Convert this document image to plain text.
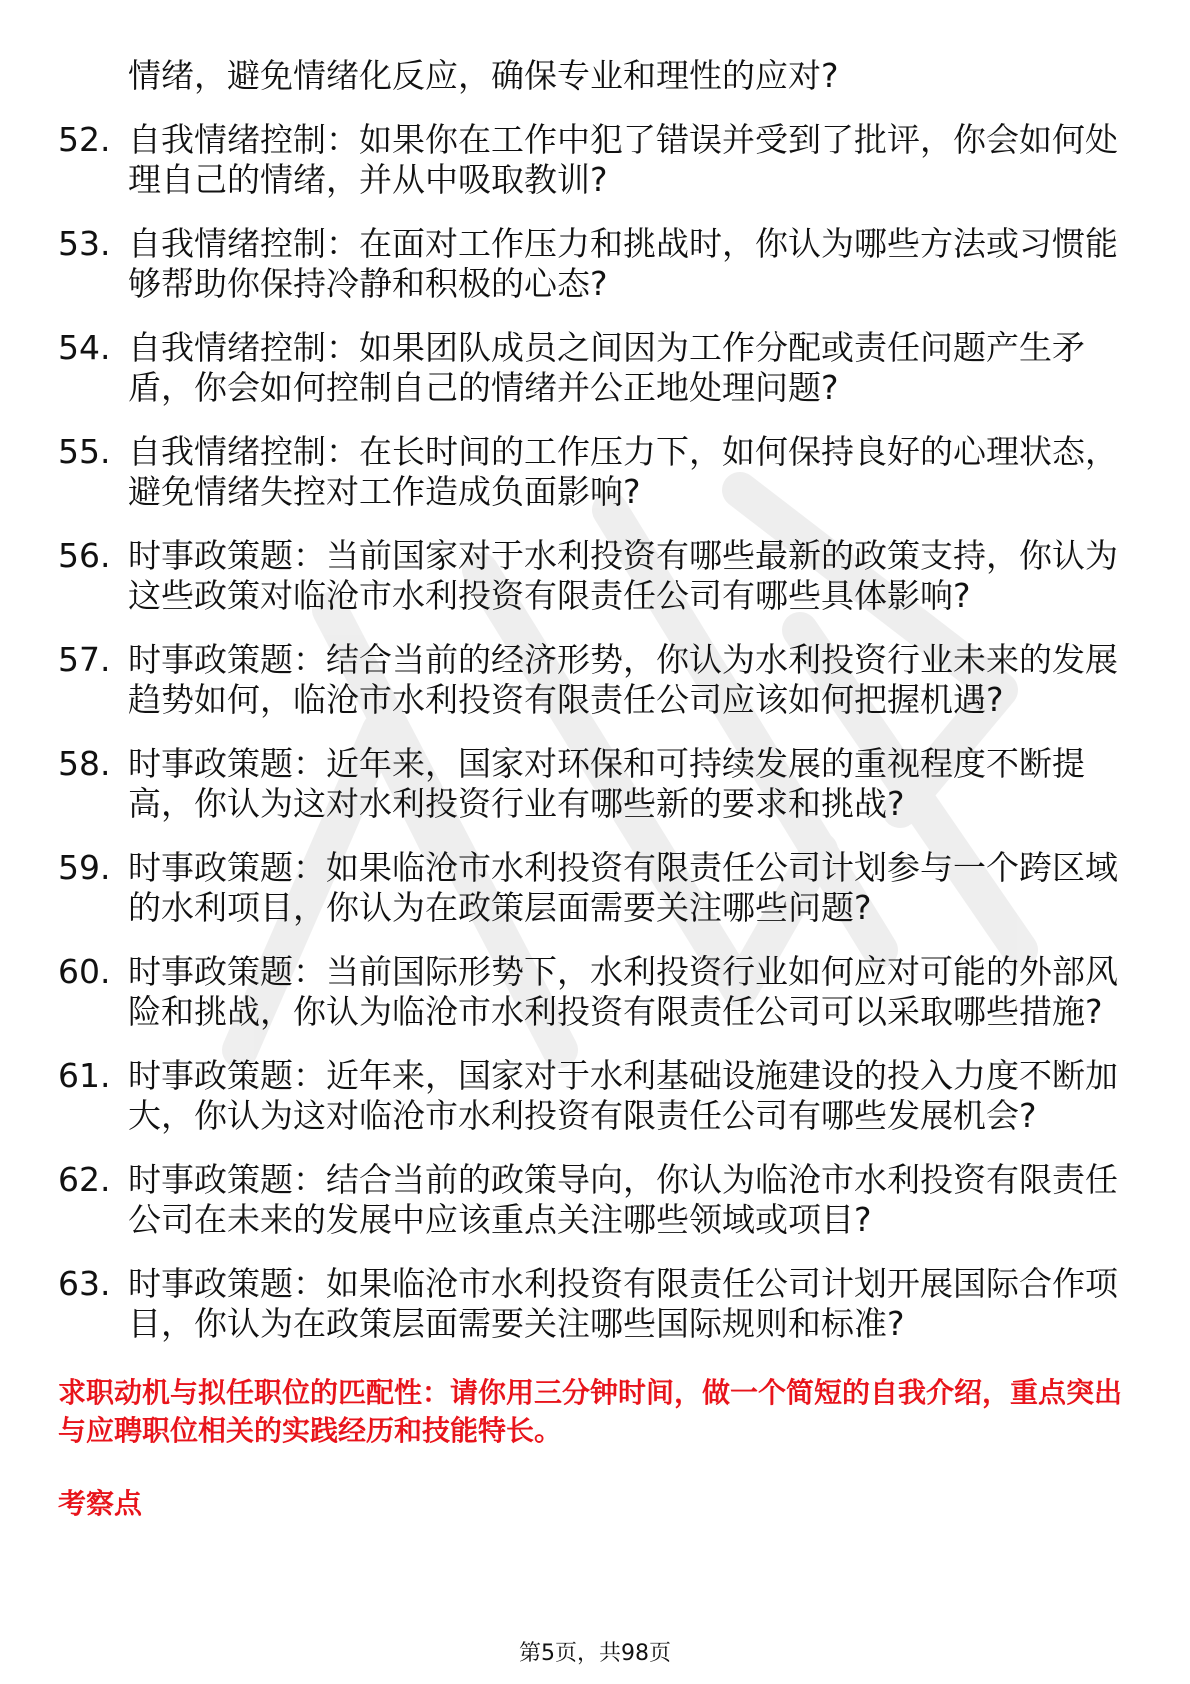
情绪，避免情绪化反应，确保专业和理性的应对?
52. 自我情绪控制：如果你在工作中犯了错误并受到了批评，你会如何处理自己的情绪，并从中吸取教训?
53. 自我情绪控制：在面对工作压力和挑战时，你认为哪些方法或习惯能够帮助你保持冷静和积极的心态?
54. 自我情绪控制：如果团队成员之间因为工作分配或责任问题产生矛盾，你会如何控制自己的情绪并公正地处理问题?
55. 自我情绪控制：在长时间的工作压力下，如何保持良好的心理状态，避免情绪失控对工作造成负面影响?
56. 时事政策题：当前国家对于水利投资有哪些最新的政策支持，你认为这些政策对临沧市水利投资有限责任公司有哪些具体影响?
57. 时事政策题：结合当前的经济形势，你认为水利投资行业未来的发展趋势如何，临沧市水利投资有限责任公司应该如何把握机遇?
58. 时事政策题：近年来，国家对环保和可持续发展的重视程度不断提高，你认为这对水利投资行业有哪些新的要求和挑战?
59. 时事政策题：如果临沧市水利投资有限责任公司计划参与一个跨区域的水利项目，你认为在政策层面需要关注哪些问题?
60. 时事政策题：当前国际形势下，水利投资行业如何应对可能的外部风险和挑战，你认为临沧市水利投资有限责任公司可以采取哪些措施?
61. 时事政策题：近年来，国家对于水利基础设施建设的投入力度不断加大，你认为这对临沧市水利投资有限责任公司有哪些发展机会?
62. 时事政策题：结合当前的政策导向，你认为临沧市水利投资有限责任公司在未来的发展中应该重点关注哪些领域或项目?
63. 时事政策题：如果临沧市水利投资有限责任公司计划开展国际合作项目，你认为在政策层面需要关注哪些国际规则和标准?
求职动机与拟任职位的匹配性：请你用三分钟时间，做一个简短的自我介绍，重点突出与应聘职位相关的实践经历和技能特长。
考察点
第5页，共98页
